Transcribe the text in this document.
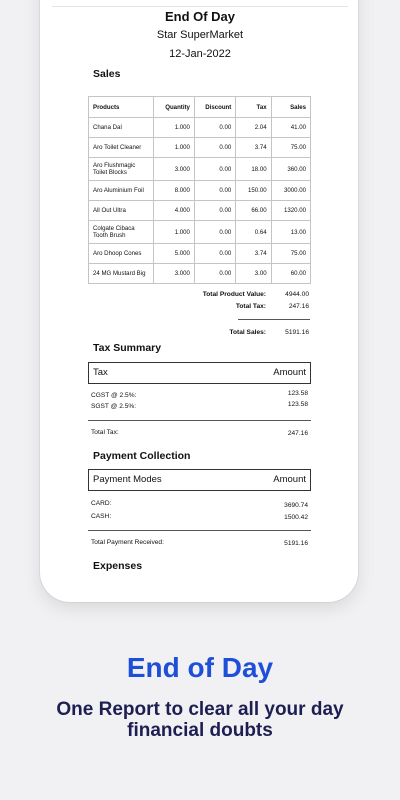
End Of Day
Star SuperMarket
12-Jan-2022
Sales
Products	Quantity	Discount	Tax	Sales
Chana Dal	1.000	0.00	2.04	41.00
Aro Toilet Cleaner	1.000	0.00	3.74	75.00
Aro Flushmagic Toilet Blocks	3.000	0.00	18.00	360.00
Aro Aluminium Foil	8.000	0.00	150.00	3000.00
All Out Ultra	4.000	0.00	66.00	1320.00
Colgate Cibaca Tooth Brush	1.000	0.00	0.64	13.00
Aro Dhoop Cones	5.000	0.00	3.74	75.00
24 MG Mustard Big	3.000	0.00	3.00	60.00
Total Product Value:	4944.00
Total Tax:	247.16
Total Sales:	5191.16
Tax Summary
Tax	Amount
CGST @ 2.5%:	123.58
SGST @ 2.5%:	123.58
Total Tax:	247.16
Payment Collection
Payment Modes	Amount
CARD:	3690.74
CASH:	1500.42
Total Payment Received:	5191.16
Expenses
End of Day
One Report to clear all your day
financial doubts
